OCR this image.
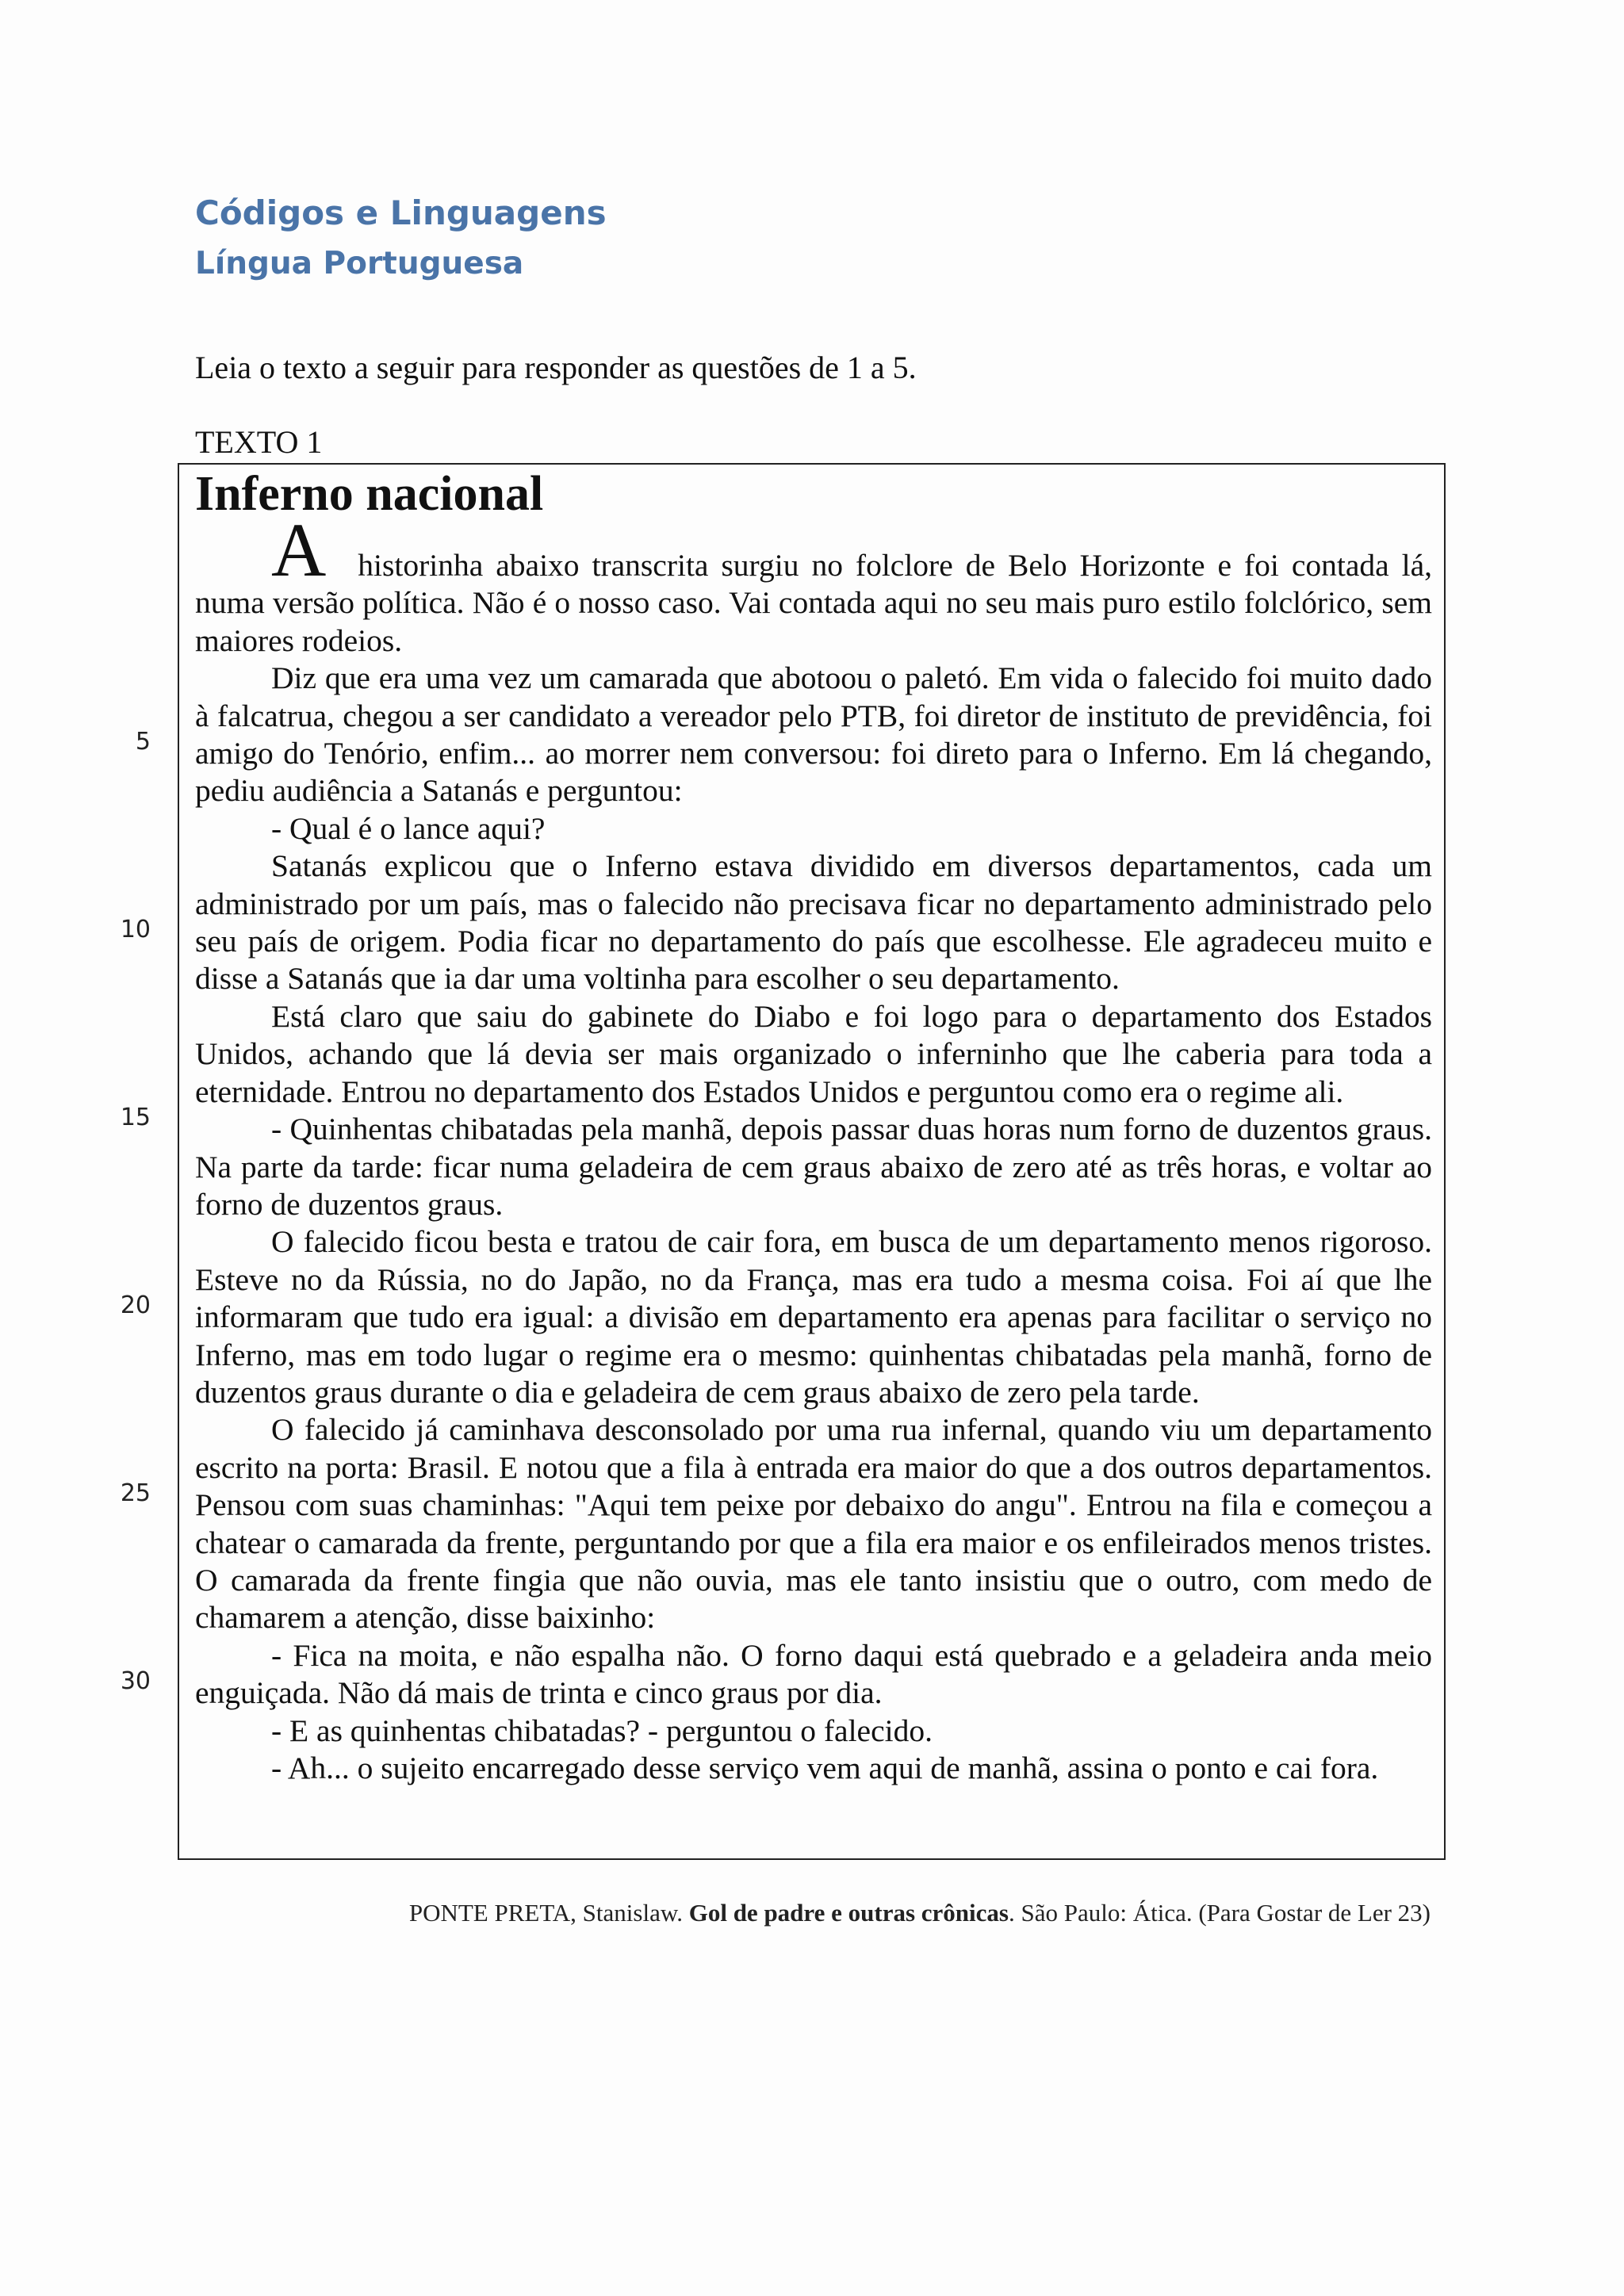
Códigos e Linguagens
Língua Portuguesa
Leia o texto a seguir para responder as questões de 1 a 5.
TEXTO 1
Inferno nacional

A historinha abaixo transcrita surgiu no folclore de Belo Horizonte e foi contada lá, numa versão política. Não é o nosso caso. Vai contada aqui no seu mais puro estilo folclórico, sem maiores rodeios.

Diz que era uma vez um camarada que abotoou o paletó. Em vida o falecido foi muito dado à falcatrua, chegou a ser candidato a vereador pelo PTB, foi diretor de instituto de previdência, foi amigo do Tenório, enfim... ao morrer nem conversou: foi direto para o Inferno. Em lá chegando, pediu audiência a Satanás e perguntou:

- Qual é o lance aqui?

Satanás explicou que o Inferno estava dividido em diversos departamentos, cada um administrado por um país, mas o falecido não precisava ficar no departamento administrado pelo seu país de origem. Podia ficar no departamento do país que escolhesse. Ele agradeceu muito e disse a Satanás que ia dar uma voltinha para escolher o seu departamento.

Está claro que saiu do gabinete do Diabo e foi logo para o departamento dos Estados Unidos, achando que lá devia ser mais organizado o inferninho que lhe caberia para toda a eternidade. Entrou no departamento dos Estados Unidos e perguntou como era o regime ali.

- Quinhentas chibatadas pela manhã, depois passar duas horas num forno de duzentos graus. Na parte da tarde: ficar numa geladeira de cem graus abaixo de zero até as três horas, e voltar ao forno de duzentos graus.

O falecido ficou besta e tratou de cair fora, em busca de um departamento menos rigoroso. Esteve no da Rússia, no do Japão, no da França, mas era tudo a mesma coisa. Foi aí que lhe informaram que tudo era igual: a divisão em departamento era apenas para facilitar o serviço no Inferno, mas em todo lugar o regime era o mesmo: quinhentas chibatadas pela manhã, forno de duzentos graus durante o dia e geladeira de cem graus abaixo de zero pela tarde.

O falecido já caminhava desconsolado por uma rua infernal, quando viu um departamento escrito na porta: Brasil. E notou que a fila à entrada era maior do que a dos outros departamentos. Pensou com suas chaminhas: "Aqui tem peixe por debaixo do angu". Entrou na fila e começou a chatear o camarada da frente, perguntando por que a fila era maior e os enfileirados menos tristes. O camarada da frente fingia que não ouvia, mas ele tanto insistiu que o outro, com medo de chamarem a atenção, disse baixinho:

- Fica na moita, e não espalha não. O forno daqui está quebrado e a geladeira anda meio enguiçada. Não dá mais de trinta e cinco graus por dia.

- E as quinhentas chibatadas? - perguntou o falecido.

- Ah... o sujeito encarregado desse serviço vem aqui de manhã, assina o ponto e cai fora.

5
10
15
20
25
30
PONTE PRETA, Stanislaw. Gol de padre e outras crônicas. São Paulo: Ática. (Para Gostar de Ler 23)
